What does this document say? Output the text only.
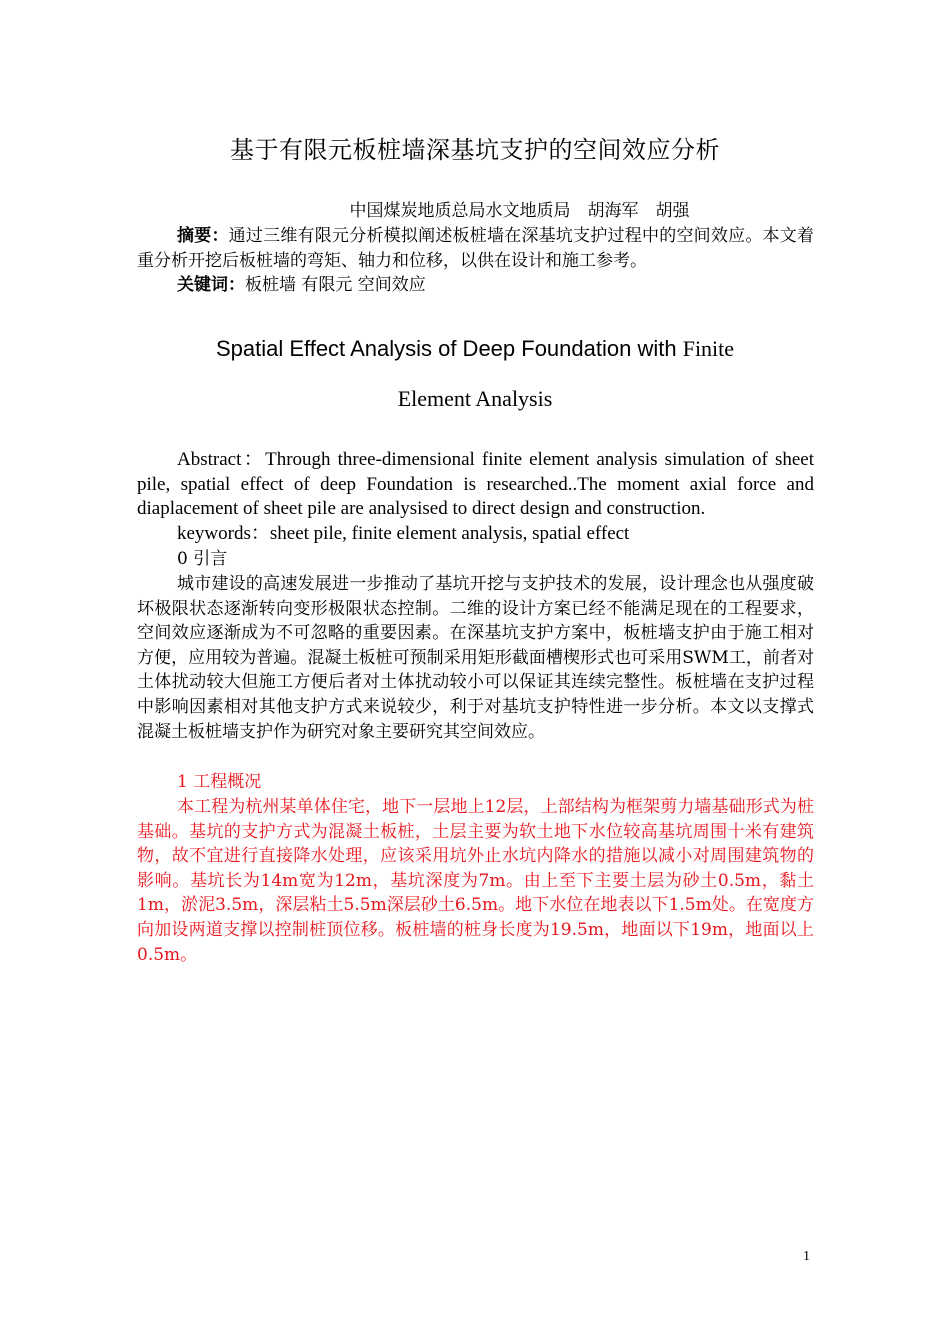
基于有限元板桩墙深基坑支护的空间效应分析
中国煤炭地质总局水文地质局　胡海军　胡强
摘要：通过三维有限元分析模拟阐述板桩墙在深基坑支护过程中的空间效应。本文着重分析开挖后板桩墙的弯矩、轴力和位移，以供在设计和施工参考。
关键词：板桩墙 有限元 空间效应
Spatial Effect Analysis of Deep Foundation with Finite
Element Analysis
Abstract：Through three-dimensional finite element analysis simulation of sheet pile, spatial effect of deep Foundation is researched..The moment axial force and diaplacement of sheet pile are analysised to direct design and construction.
keywords：sheet pile, finite element analysis, spatial effect
0 引言
城市建设的高速发展进一步推动了基坑开挖与支护技术的发展，设计理念也从强度破坏极限状态逐渐转向变形极限状态控制。二维的设计方案已经不能满足现在的工程要求，空间效应逐渐成为不可忽略的重要因素。在深基坑支护方案中，板桩墙支护由于施工相对方便，应用较为普遍。混凝土板桩可预制采用矩形截面槽楔形式也可采用SWM工，前者对土体扰动较大但施工方便后者对土体扰动较小可以保证其连续完整性。板桩墙在支护过程中影响因素相对其他支护方式来说较少，利于对基坑支护特性进一步分析。本文以支撑式混凝土板桩墙支护作为研究对象主要研究其空间效应。
1 工程概况
本工程为杭州某单体住宅，地下一层地上12层，上部结构为框架剪力墙基础形式为桩基础。基坑的支护方式为混凝土板桩，土层主要为软土地下水位较高基坑周围十米有建筑物，故不宜进行直接降水处理，应该采用坑外止水坑内降水的措施以减小对周围建筑物的影响。基坑长为14m宽为12m，基坑深度为7m。由上至下主要土层为砂土0.5m，黏土1m，淤泥3.5m，深层粘土5.5m深层砂土6.5m。地下水位在地表以下1.5m处。在宽度方向加设两道支撑以控制桩顶位移。板桩墙的桩身长度为19.5m，地面以下19m，地面以上0.5m。
1
